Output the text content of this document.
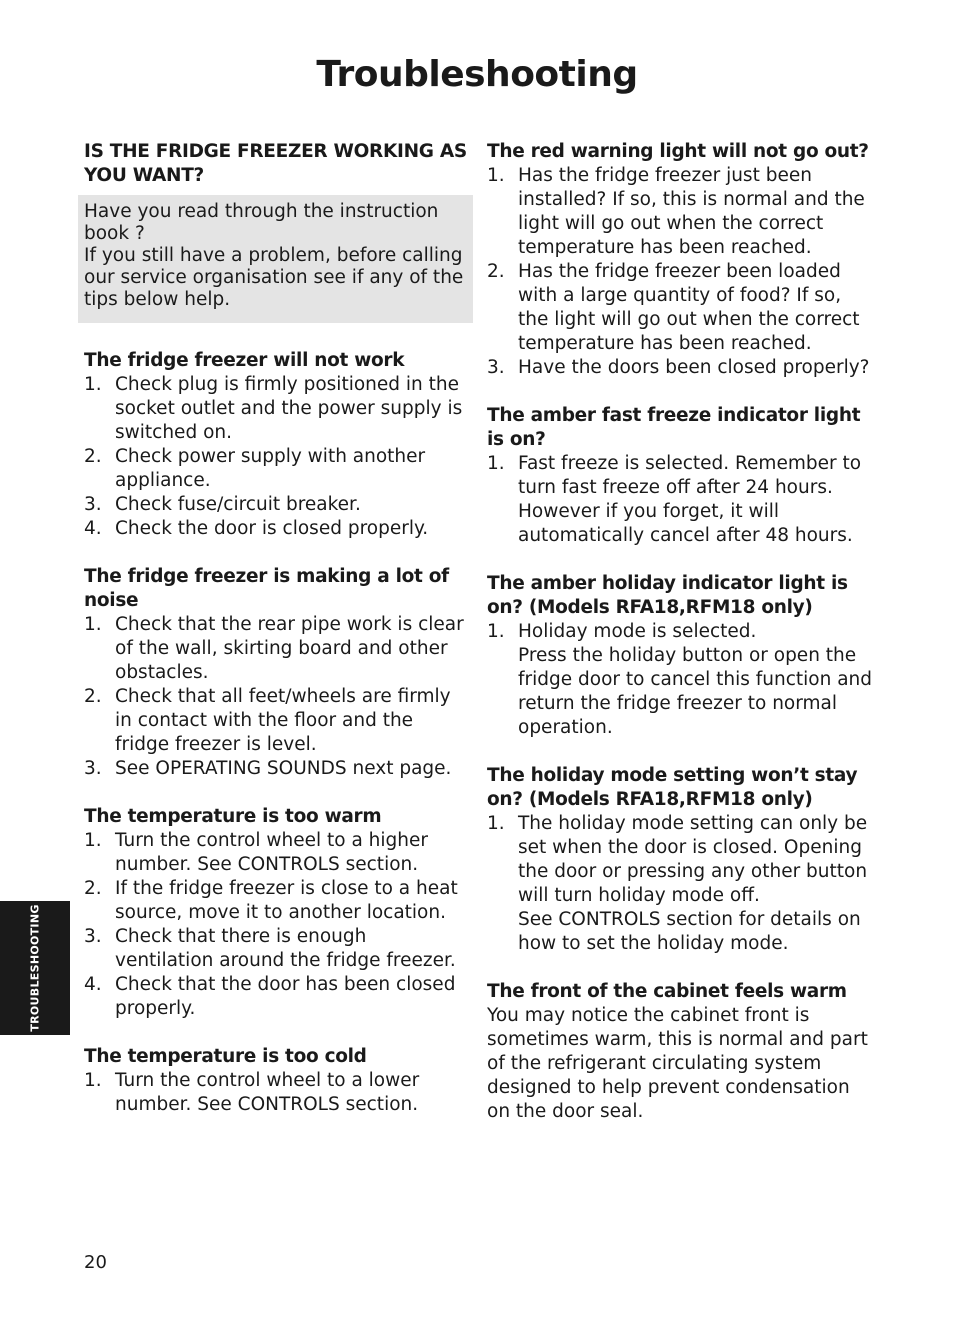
Troubleshooting

IS THE FRIDGE FREEZER WORKING AS YOU WANT?

Have you read through the instruction book ?
If you still have a problem, before calling our service organisation see if any of the tips below help.
The fridge freezer will not work
1. Check plug is firmly positioned in the socket outlet and the power supply is switched on.
2. Check power supply with another appliance.
3. Check fuse/circuit breaker.
4. Check the door is closed properly.
The fridge freezer is making a lot of noise
1. Check that the rear pipe work is clear of the wall, skirting board and other obstacles.
2. Check that all feet/wheels are firmly in contact with the floor and the fridge freezer is level.
3. See OPERATING SOUNDS next page.
The temperature is too warm
1. Turn the control wheel to a higher number. See CONTROLS section.
2. If the fridge freezer is close to a heat source, move it to another location.
3. Check that there is enough ventilation around the fridge freezer.
4. Check that the door has been closed properly.
The temperature is too cold
1. Turn the control wheel to a lower number. See CONTROLS section.
The red warning light will not go out?
1. Has the fridge freezer just been installed? If so, this is normal and the light will go out when the correct temperature has been reached.
2. Has the fridge freezer been loaded with a large quantity of food? If so, the light will go out when the correct temperature has been reached.
3. Have the doors been closed properly?
The amber fast freeze indicator light is on?
1. Fast freeze is selected. Remember to turn fast freeze off after 24 hours. However if you forget, it will automatically cancel after 48 hours.
The amber holiday indicator light is on? (Models RFA18,RFM18 only)
1. Holiday mode is selected.
Press the holiday button or open the fridge door to cancel this function and return the fridge freezer to normal operation.
The holiday mode setting won’t stay on? (Models RFA18,RFM18 only)
1. The holiday mode setting can only be set when the door is closed. Opening the door or pressing any other button will turn holiday mode off.
See CONTROLS section for details on how to set the holiday mode.
The front of the cabinet feels warm
You may notice the cabinet front is sometimes warm, this is normal and part of the refrigerant circulating system designed to help prevent condensation on the door seal.
TROUBLESHOOTING
20
